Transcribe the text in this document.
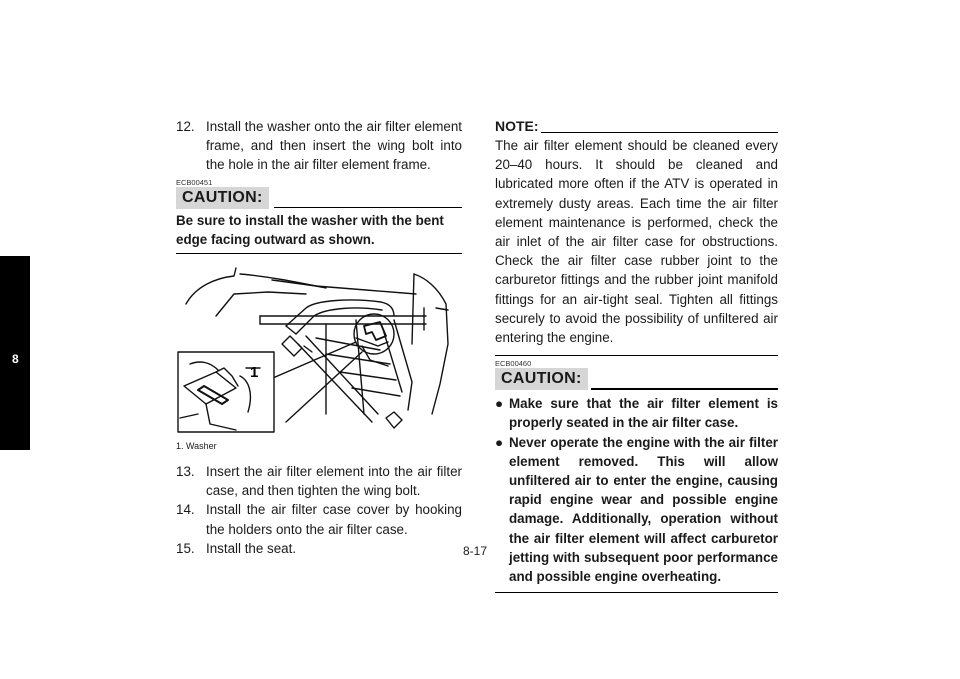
8
12. Install the washer onto the air filter element frame, and then insert the wing bolt into the hole in the air filter element frame.

ECB00451
CAUTION:
Be sure to install the washer with the bent edge facing outward as shown.
1
1. Washer
13. Insert the air filter element into the air filter case, and then tighten the wing bolt.

14. Install the air filter case cover by hooking the holders onto the air filter case.

15. Install the seat.

NOTE:

The air filter element should be cleaned every 20–40 hours. It should be cleaned and lubricated more often if the ATV is operated in extremely dusty areas. Each time the air filter element maintenance is performed, check the air inlet of the air filter case for obstructions. Check the air filter case rubber joint to the carburetor fittings and the rubber joint manifold fittings for an air-tight seal. Tighten all fittings securely to avoid the possibility of unfiltered air entering the engine.

ECB00460
CAUTION:
● Make sure that the air filter element is properly seated in the air filter case.
● Never operate the engine with the air filter element removed. This will allow unfiltered air to enter the engine, causing rapid engine wear and possible engine damage. Additionally, operation without the air filter element will affect carburetor jetting with subsequent poor performance and possible engine overheating.
8-17
